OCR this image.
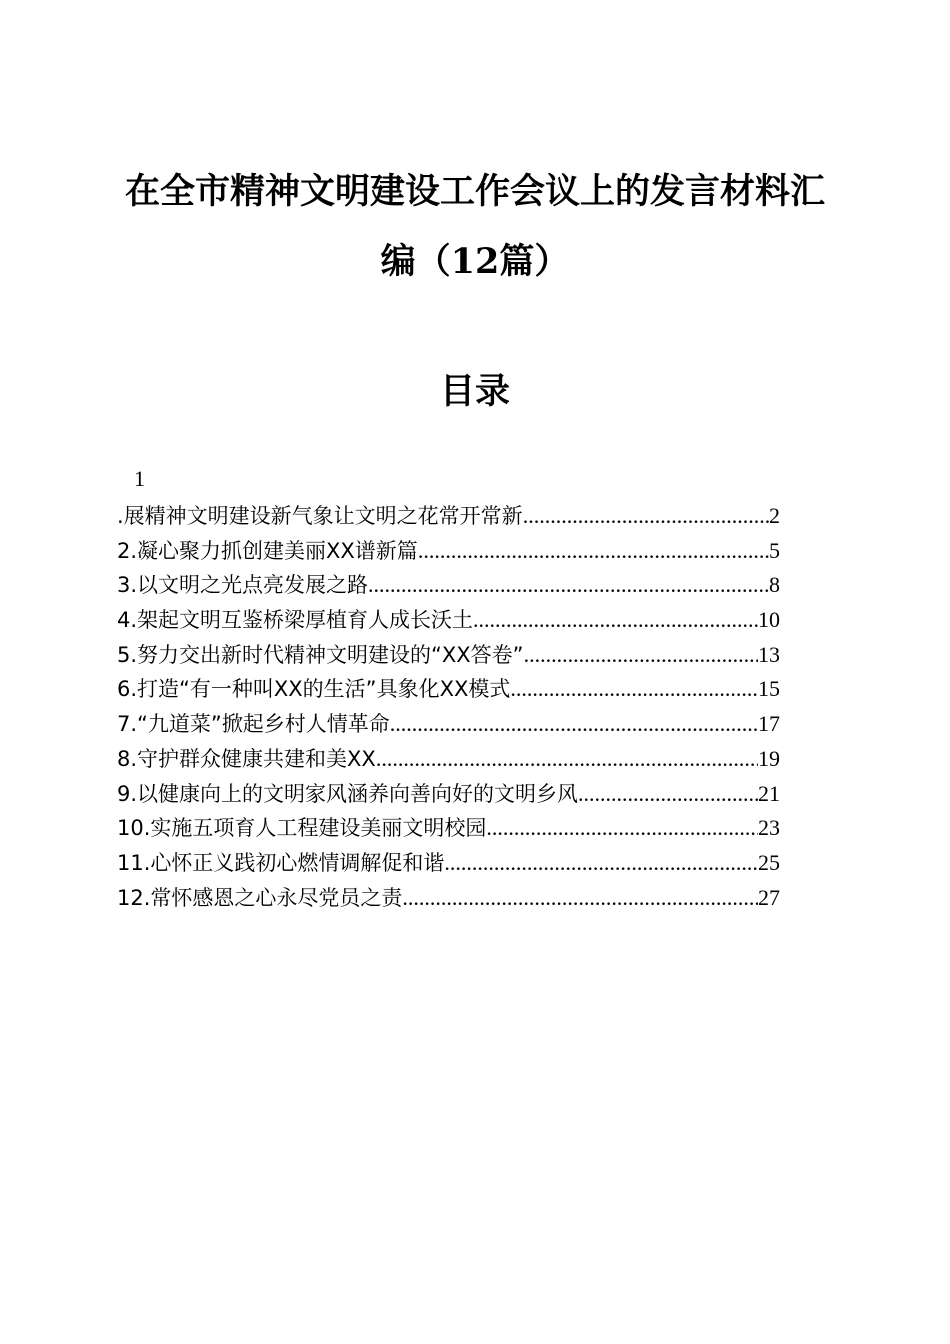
在全市精神文明建设工作会议上的发言材料汇
编（12篇）
目录
1
.展精神文明建设新气象让文明之花常开常新 .....	2
2.凝心聚力抓创建美丽XX谱新篇 .....	5
3.以文明之光点亮发展之路 .....	8
4.架起文明互鉴桥梁厚植育人成长沃土 .....	10
5.努力交出新时代精神文明建设的“XX答卷” .....	13
6.打造“有一种叫XX的生活”具象化XX模式 .....	15
7.“九道菜”掀起乡村人情革命 .....	17
8.守护群众健康共建和美XX .....	19
9.以健康向上的文明家风涵养向善向好的文明乡风 .....	21
10.实施五项育人工程建设美丽文明校园 .....	23
11.心怀正义践初心燃情调解促和谐 .....	25
12.常怀感恩之心永尽党员之责 .....	27
